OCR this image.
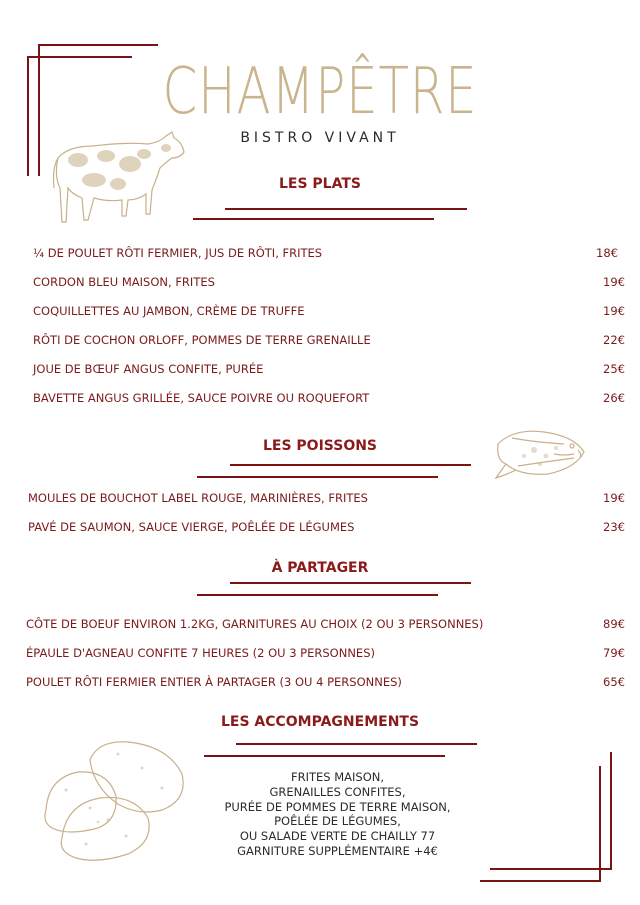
CHAMPÊTRE
BISTRO VIVANT
LES PLATS
¼ DE POULET RÔTI FERMIER, JUS DE RÔTI, FRITES	18€
CORDON BLEU MAISON, FRITES	19€
COQUILLETTES AU JAMBON, CRÈME DE TRUFFE	19€
RÔTI DE COCHON ORLOFF, POMMES DE TERRE GRENAILLE	22€
JOUE DE BŒUF ANGUS CONFITE, PURÉE	25€
BAVETTE ANGUS GRILLÉE, SAUCE POIVRE OU ROQUEFORT	26€
LES POISSONS
MOULES DE BOUCHOT LABEL ROUGE, MARINIÈRES, FRITES	19€
PAVÉ DE SAUMON, SAUCE VIERGE, POÊLÉE DE LÉGUMES	23€
À PARTAGER
CÔTE DE BOEUF ENVIRON 1.2KG, GARNITURES AU CHOIX (2 OU 3 PERSONNES)	89€
ÉPAULE D'AGNEAU CONFITE 7 HEURES (2 OU 3 PERSONNES)	79€
POULET RÔTI FERMIER ENTIER À PARTAGER (3 OU 4 PERSONNES)	65€
LES ACCOMPAGNEMENTS
FRITES MAISON,
GRENAILLES CONFITES,
PURÉE DE POMMES DE TERRE MAISON,
POÊLÉE DE LÉGUMES,
OU SALADE VERTE DE CHAILLY 77
GARNITURE SUPPLÉMENTAIRE +4€
